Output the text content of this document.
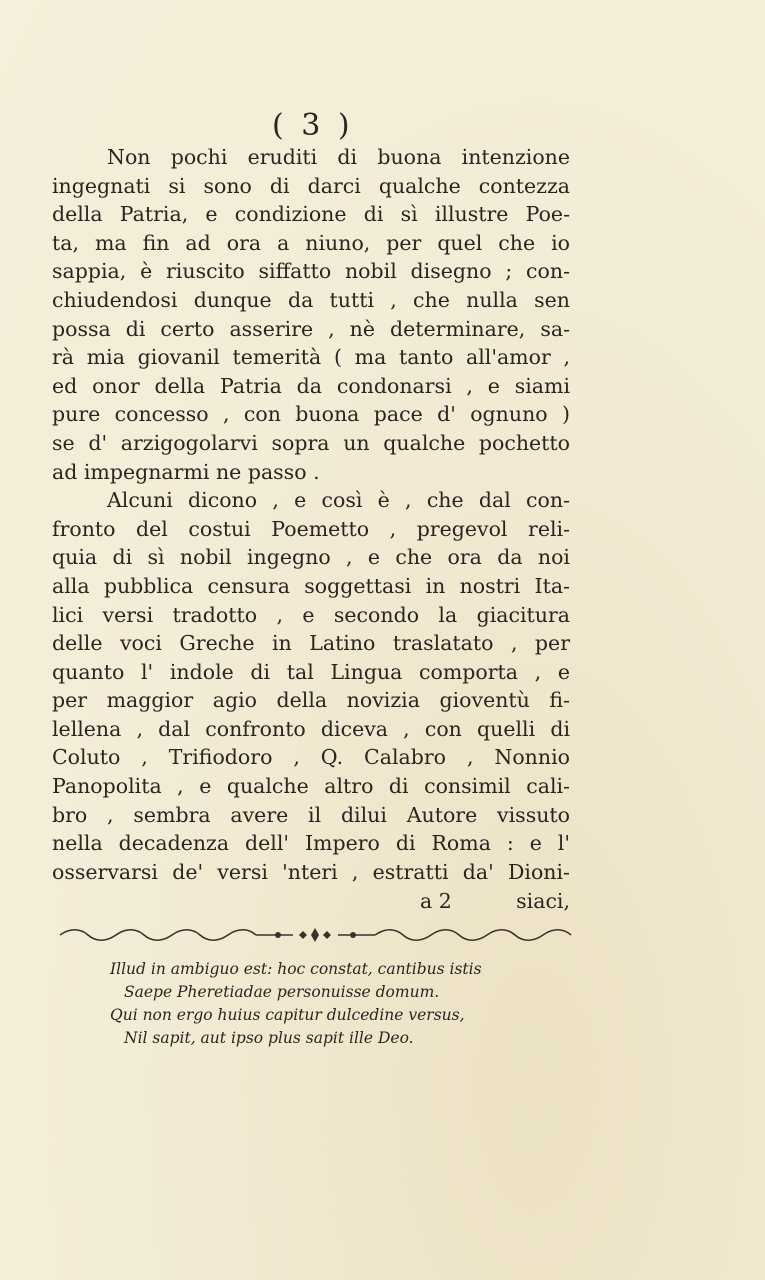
( 3 )
Non pochi eruditi di buona intenzione
ingegnati si sono di darci qualche contezza
della Patria, e condizione di sì illustre Poe-
ta, ma fin ad ora a niuno, per quel che io
sappia, è riuscito siffatto nobil disegno ; con-
chiudendosi dunque da tutti , che nulla sen
possa di certo asserire , nè determinare, sa-
rà mia giovanil temerità ( ma tanto all'amor ,
ed onor della Patria da condonarsi , e siami
pure concesso , con buona pace d' ognuno )
se d' arzigogolarvi sopra un qualche pochetto
ad impegnarmi ne passo .
Alcuni dicono , e così è , che dal con-
fronto del costui Poemetto , pregevol reli-
quia di sì nobil ingegno , e che ora da noi
alla pubblica censura soggettasi in nostri Ita-
lici versi tradotto , e secondo la giacitura
delle voci Greche in Latino traslatato , per
quanto l' indole di tal Lingua comporta , e
per maggior agio della novizia gioventù fi-
lellena , dal confronto diceva , con quelli di
Coluto , Trifiodoro , Q. Calabro , Nonnio
Panopolita , e qualche altro di consimil cali-
bro , sembra avere il dilui Autore vissuto
nella decadenza dell' Impero di Roma : e l'
osservarsi de' versi 'nteri , estratti da' Dioni-
a 2	siaci,
Illud in ambiguo est: hoc constat, cantibus istis
Saepe Pheretiadae personuisse domum.
Qui non ergo huius capitur dulcedine versus,
Nil sapit, aut ipso plus sapit ille Deo.
